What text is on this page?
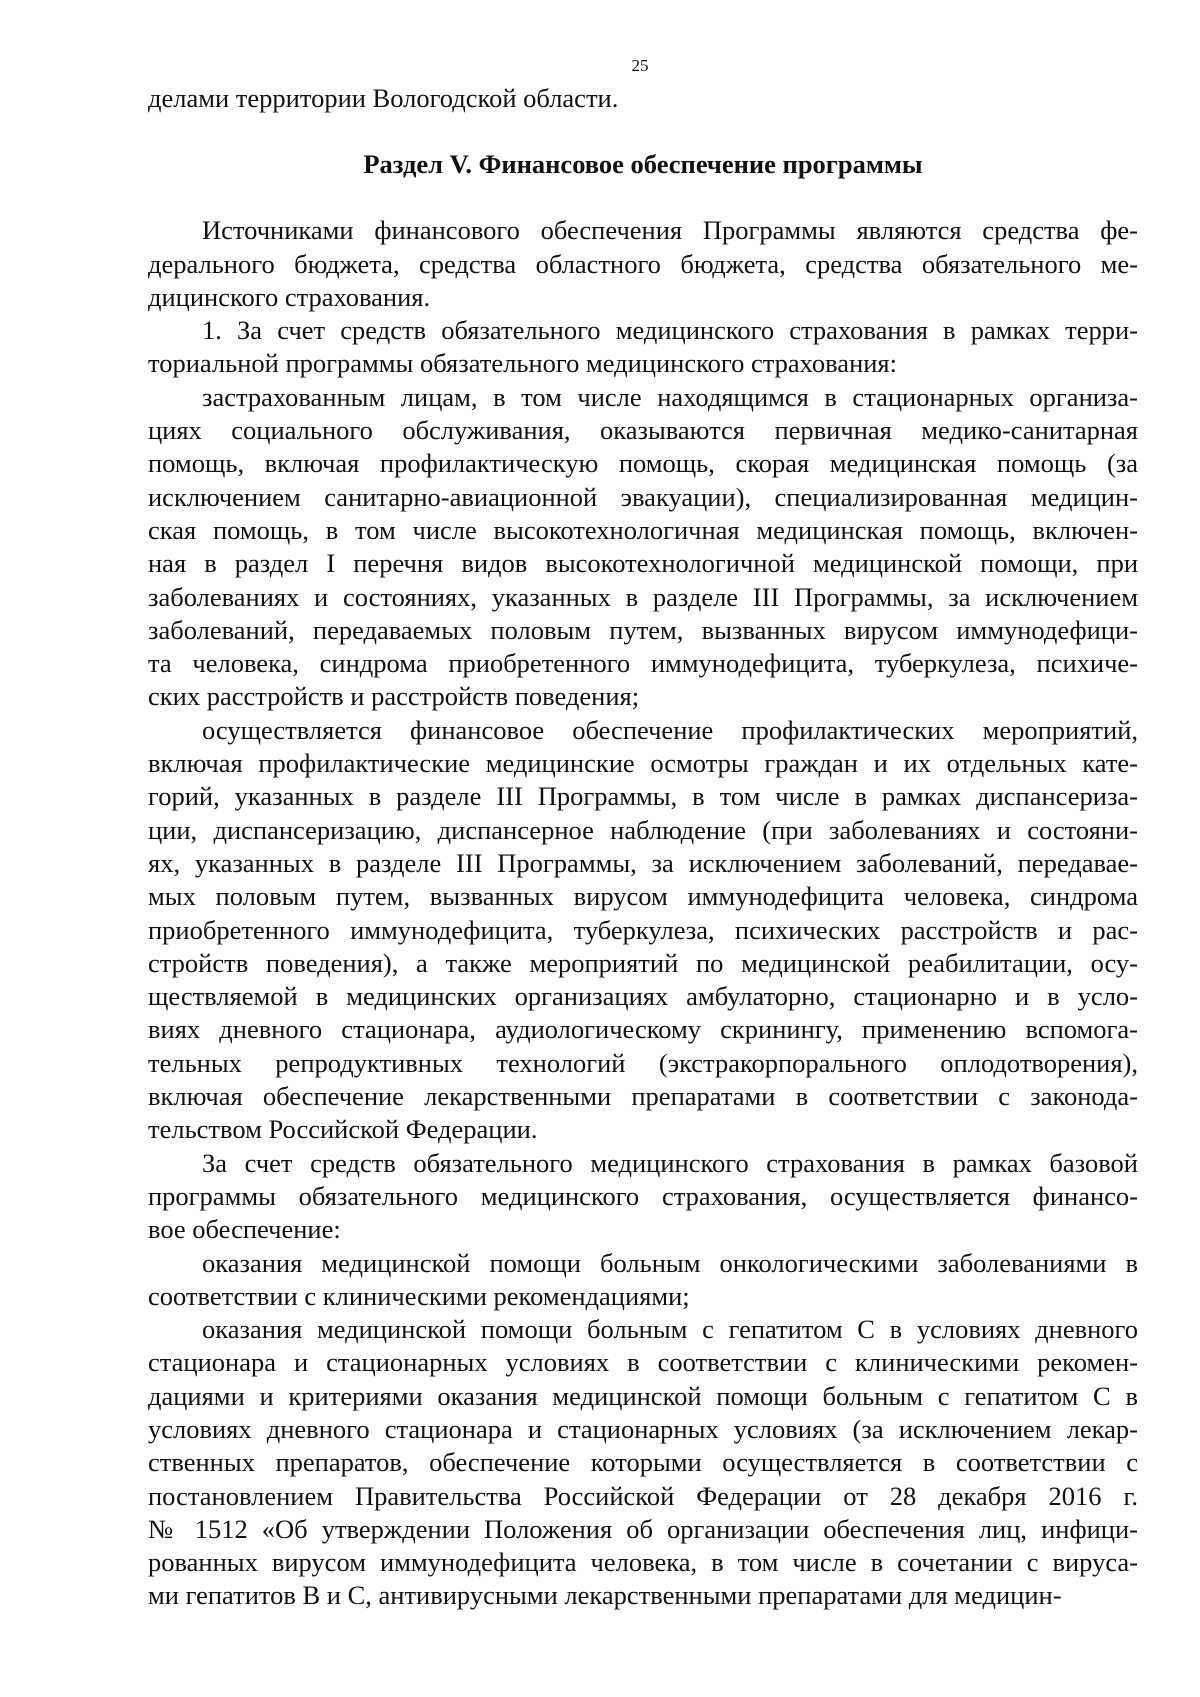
25
делами территории Вологодской области.
Раздел V. Финансовое обеспечение программы
Источниками финансового обеспечения Программы являются средства фе-
дерального бюджета, средства областного бюджета, средства обязательного ме-
дицинского страхования.
1. За счет средств обязательного медицинского страхования в рамках терри-
ториальной программы обязательного медицинского страхования:
застрахованным лицам, в том числе находящимся в стационарных организа-
циях социального обслуживания, оказываются первичная медико-санитарная
помощь, включая профилактическую помощь, скорая медицинская помощь (за
исключением санитарно-авиационной эвакуации), специализированная медицин-
ская помощь, в том числе высокотехнологичная медицинская помощь, включен-
ная в раздел I перечня видов высокотехнологичной медицинской помощи, при
заболеваниях и состояниях, указанных в разделе III Программы, за исключением
заболеваний, передаваемых половым путем, вызванных вирусом иммунодефици-
та человека, синдрома приобретенного иммунодефицита, туберкулеза, психиче-
ских расстройств и расстройств поведения;
осуществляется финансовое обеспечение профилактических мероприятий,
включая профилактические медицинские осмотры граждан и их отдельных кате-
горий, указанных в разделе III Программы, в том числе в рамках диспансериза-
ции, диспансеризацию, диспансерное наблюдение (при заболеваниях и состояни-
ях, указанных в разделе III Программы, за исключением заболеваний, передавае-
мых половым путем, вызванных вирусом иммунодефицита человека, синдрома
приобретенного иммунодефицита, туберкулеза, психических расстройств и рас-
стройств поведения), а также мероприятий по медицинской реабилитации, осу-
ществляемой в медицинских организациях амбулаторно, стационарно и в усло-
виях дневного стационара, аудиологическому скринингу, применению вспомога-
тельных репродуктивных технологий (экстракорпорального оплодотворения),
включая обеспечение лекарственными препаратами в соответствии с законода-
тельством Российской Федерации.
За счет средств обязательного медицинского страхования в рамках базовой
программы обязательного медицинского страхования, осуществляется финансо-
вое обеспечение:
оказания медицинской помощи больным онкологическими заболеваниями в
соответствии с клиническими рекомендациями;
оказания медицинской помощи больным с гепатитом С в условиях дневного
стационара и стационарных условиях в соответствии с клиническими рекомен-
дациями и критериями оказания медицинской помощи больным с гепатитом С в
условиях дневного стационара и стационарных условиях (за исключением лекар-
ственных препаратов, обеспечение которыми осуществляется в соответствии с
постановлением Правительства Российской Федерации от 28 декабря 2016 г.
№ 1512 «Об утверждении Положения об организации обеспечения лиц, инфици-
рованных вирусом иммунодефицита человека, в том числе в сочетании с вируса-
ми гепатитов В и С, антивирусными лекарственными препаратами для медицин-
